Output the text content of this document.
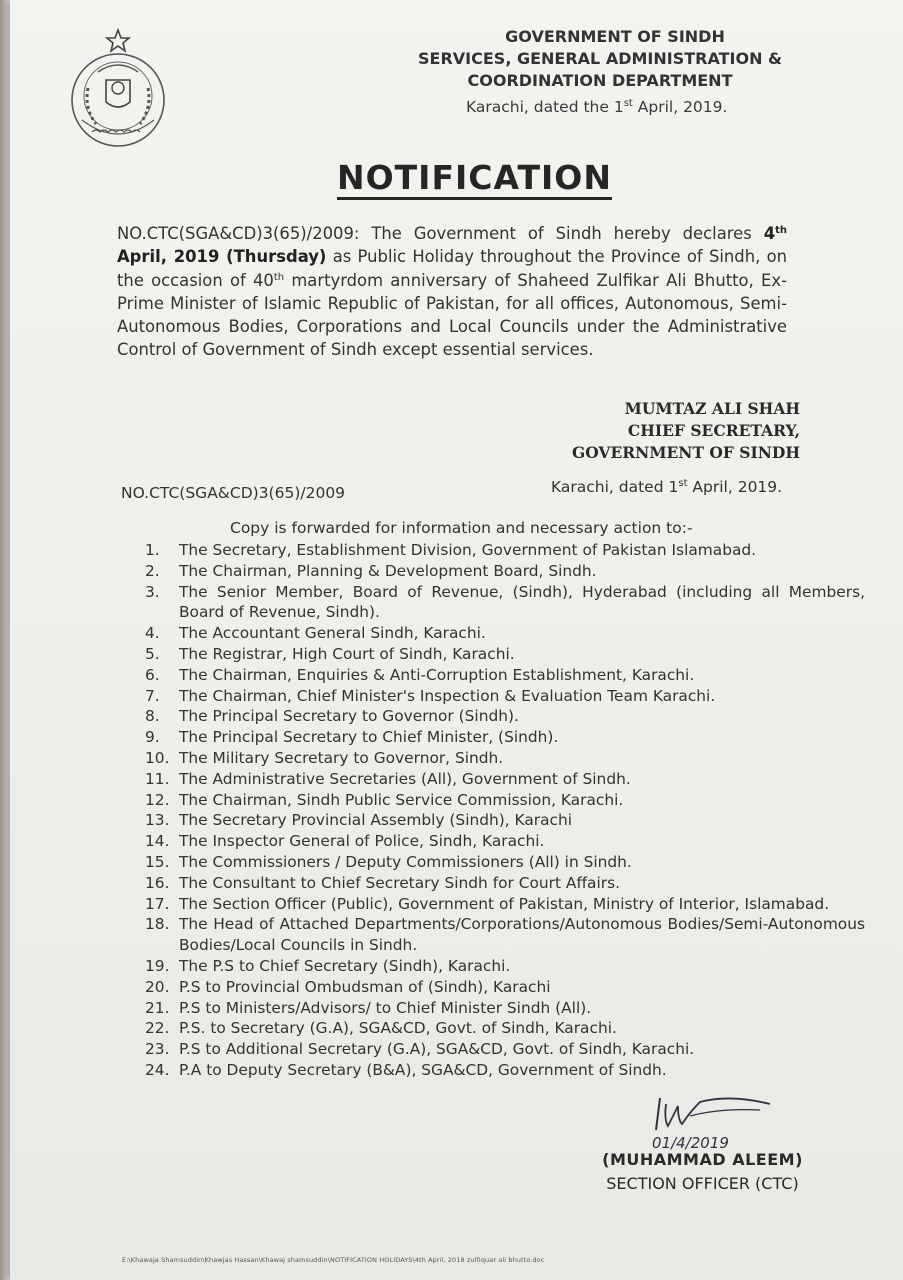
GOVERNMENT OF SINDH
SERVICES, GENERAL ADMINISTRATION &
COORDINATION DEPARTMENT
Karachi, dated the 1st April, 2019.
NOTIFICATION
NO.CTC(SGA&CD)3(65)/2009: The Government of Sindh hereby declares 4th April, 2019 (Thursday) as Public Holiday throughout the Province of Sindh, on the occasion of 40th martyrdom anniversary of Shaheed Zulfikar Ali Bhutto, Ex-Prime Minister of Islamic Republic of Pakistan, for all offices, Autonomous, Semi-Autonomous Bodies, Corporations and Local Councils under the Administrative Control of Government of Sindh except essential services.
MUMTAZ ALI SHAH
CHIEF SECRETARY,
GOVERNMENT OF SINDH
NO.CTC(SGA&CD)3(65)/2009	Karachi, dated 1st April, 2019.
Copy is forwarded for information and necessary action to:-
1.	The Secretary, Establishment Division, Government of Pakistan Islamabad.
2.	The Chairman, Planning & Development Board, Sindh.
3.	The Senior Member, Board of Revenue, (Sindh), Hyderabad (including all Members, Board of Revenue, Sindh).
4.	The Accountant General Sindh, Karachi.
5.	The Registrar, High Court of Sindh, Karachi.
6.	The Chairman, Enquiries & Anti-Corruption Establishment, Karachi.
7.	The Chairman, Chief Minister's Inspection & Evaluation Team Karachi.
8.	The Principal Secretary to Governor (Sindh).
9.	The Principal Secretary to Chief Minister, (Sindh).
10. The Military Secretary to Governor, Sindh.
11. The Administrative Secretaries (All), Government of Sindh.
12. The Chairman, Sindh Public Service Commission, Karachi.
13. The Secretary Provincial Assembly (Sindh), Karachi
14. The Inspector General of Police, Sindh, Karachi.
15. The Commissioners / Deputy Commissioners (All) in Sindh.
16. The Consultant to Chief Secretary Sindh for Court Affairs.
17. The Section Officer (Public), Government of Pakistan, Ministry of Interior, Islamabad.
18. The Head of Attached Departments/Corporations/Autonomous Bodies/Semi-Autonomous Bodies/Local Councils in Sindh.
19. The P.S to Chief Secretary (Sindh), Karachi.
20. P.S to Provincial Ombudsman of (Sindh), Karachi
21. P.S to Ministers/Advisors/ to Chief Minister Sindh (All).
22. P.S. to Secretary (G.A), SGA&CD, Govt. of Sindh, Karachi.
23. P.S to Additional Secretary (G.A), SGA&CD, Govt. of Sindh, Karachi.
24. P.A to Deputy Secretary (B&A), SGA&CD, Government of Sindh.
01/4/2019
(MUHAMMAD ALEEM)
SECTION OFFICER (CTC)
E:\Khawaja Shamsuddin\Khawjas Hassan\Khawaj shamsuddin\NOTIFICATION HOLIDAYS\4th April, 2018 zulfiquar ali bhutto.doc
